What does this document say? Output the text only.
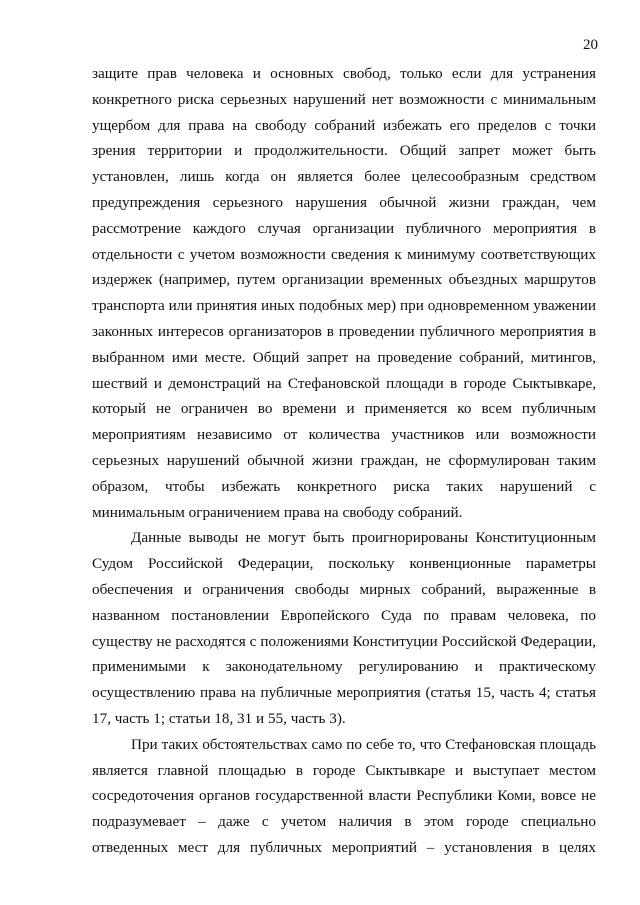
20

защите прав человека и основных свобод, только если для устранения конкретного риска серьезных нарушений нет возможности с минимальным ущербом для права на свободу собраний избежать его пределов с точки зрения территории и продолжительности. Общий запрет может быть установлен, лишь когда он является более целесообразным средством предупреждения серьезного нарушения обычной жизни граждан, чем рассмотрение каждого случая организации публичного мероприятия в отдельности с учетом возможности сведения к минимуму соответствующих издержек (например, путем организации временных объездных маршрутов транспорта или принятия иных подобных мер) при одновременном уважении законных интересов организаторов в проведении публичного мероприятия в выбранном ими месте. Общий запрет на проведение собраний, митингов, шествий и демонстраций на Стефановской площади в городе Сыктывкаре, который не ограничен во времени и применяется ко всем публичным мероприятиям независимо от количества участников или возможности серьезных нарушений обычной жизни граждан, не сформулирован таким образом, чтобы избежать конкретного риска таких нарушений с минимальным ограничением права на свободу собраний.

Данные выводы не могут быть проигнорированы Конституционным Судом Российской Федерации, поскольку конвенционные параметры обеспечения и ограничения свободы мирных собраний, выраженные в названном постановлении Европейского Суда по правам человека, по существу не расходятся с положениями Конституции Российской Федерации, применимыми к законодательному регулированию и практическому осуществлению права на публичные мероприятия (статья 15, часть 4; статья 17, часть 1; статьи 18, 31 и 55, часть 3).

При таких обстоятельствах само по себе то, что Стефановская площадь является главной площадью в городе Сыктывкаре и выступает местом сосредоточения органов государственной власти Республики Коми, вовсе не подразумевает – даже с учетом наличия в этом городе специально отведенных мест для публичных мероприятий – установления в целях
